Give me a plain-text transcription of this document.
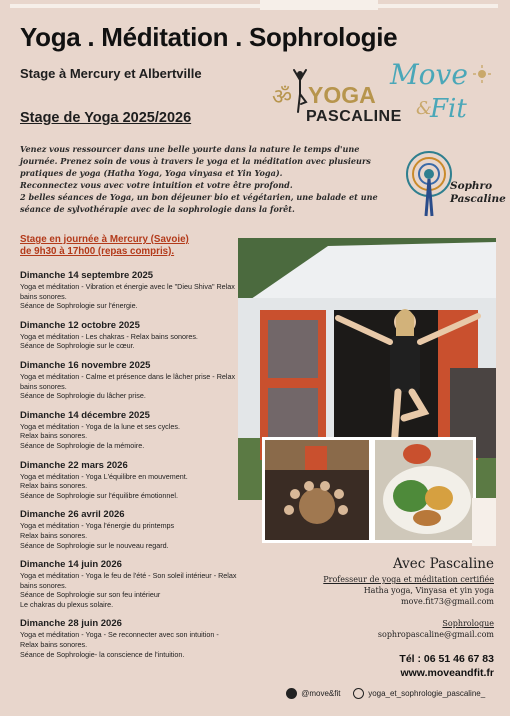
Yoga . Méditation . Sophrologie
Stage à Mercury et Albertville
ॐ YOGA
PASCALINE
Move
&
Fit
Stage de Yoga 2025/2026

Venez vous ressourcer dans une belle yourte dans la nature le temps d'une journée. Prenez soin de vous à travers le yoga et la méditation avec plusieurs pratiques de yoga (Hatha Yoga, Yoga vinyasa et Yin Yoga).

Reconnectez vous avec votre intuition et votre être profond.

2 belles séances de Yoga, un bon déjeuner bio et végétarien, une balade et une séance de sylvothérapie avec de la sophrologie dans la forêt.

Sophro
Pascaline
Stage en journée à Mercury (Savoie)
de 9h30 à 17h00 (repas compris).
Dimanche 14 septembre 2025
Yoga et méditation - Vibration et énergie avec le "Dieu Shiva" Relax bains sonores.
Séance de Sophrologie sur l'énergie.
Dimanche 12 octobre 2025
Yoga et méditation - Les chakras - Relax bains sonores.
Séance de Sophrologie sur le cœur.
Dimanche 16 novembre 2025
Yoga et méditation - Calme et présence dans le lâcher prise - Relax bains sonores.
Séance de Sophrologie du lâcher prise.
Dimanche 14 décembre 2025
Yoga et méditation - Yoga de la lune et ses cycles.
Relax bains sonores.
Séance de Sophrologie de la mémoire.
Dimanche 22 mars 2026
Yoga et méditation - Yoga L'équilibre en mouvement.
Relax bains sonores.
Séance de Sophrologie sur l'équilibre émotionnel.
Dimanche 26 avril 2026
Yoga et méditation - Yoga l'énergie du printemps
Relax bains sonores.
Séance de Sophrologie sur le nouveau regard.
Dimanche 14 juin 2026
Yoga et méditation - Yoga le feu de l'été - Son soleil intérieur - Relax bains sonores.
Séance de Sophrologie sur son feu intérieur
Le chakras du plexus solaire.
Dimanche 28 juin 2026
Yoga et méditation - Yoga - Se reconnecter avec son intuition - Relax bains sonores.
Séance de Sophrologie- la conscience de l'intuition.
Avec Pascaline
Professeur de yoga et méditation certifiée
Hatha yoga, Vinyasa et yin yoga
move.fit73@gmail.com
Sophrologue
sophropascaline@gmail.com
Tél : 06 51 46 67 83
www.moveandfit.fr
@move&fit	yoga_et_sophrologie_pascaline_
